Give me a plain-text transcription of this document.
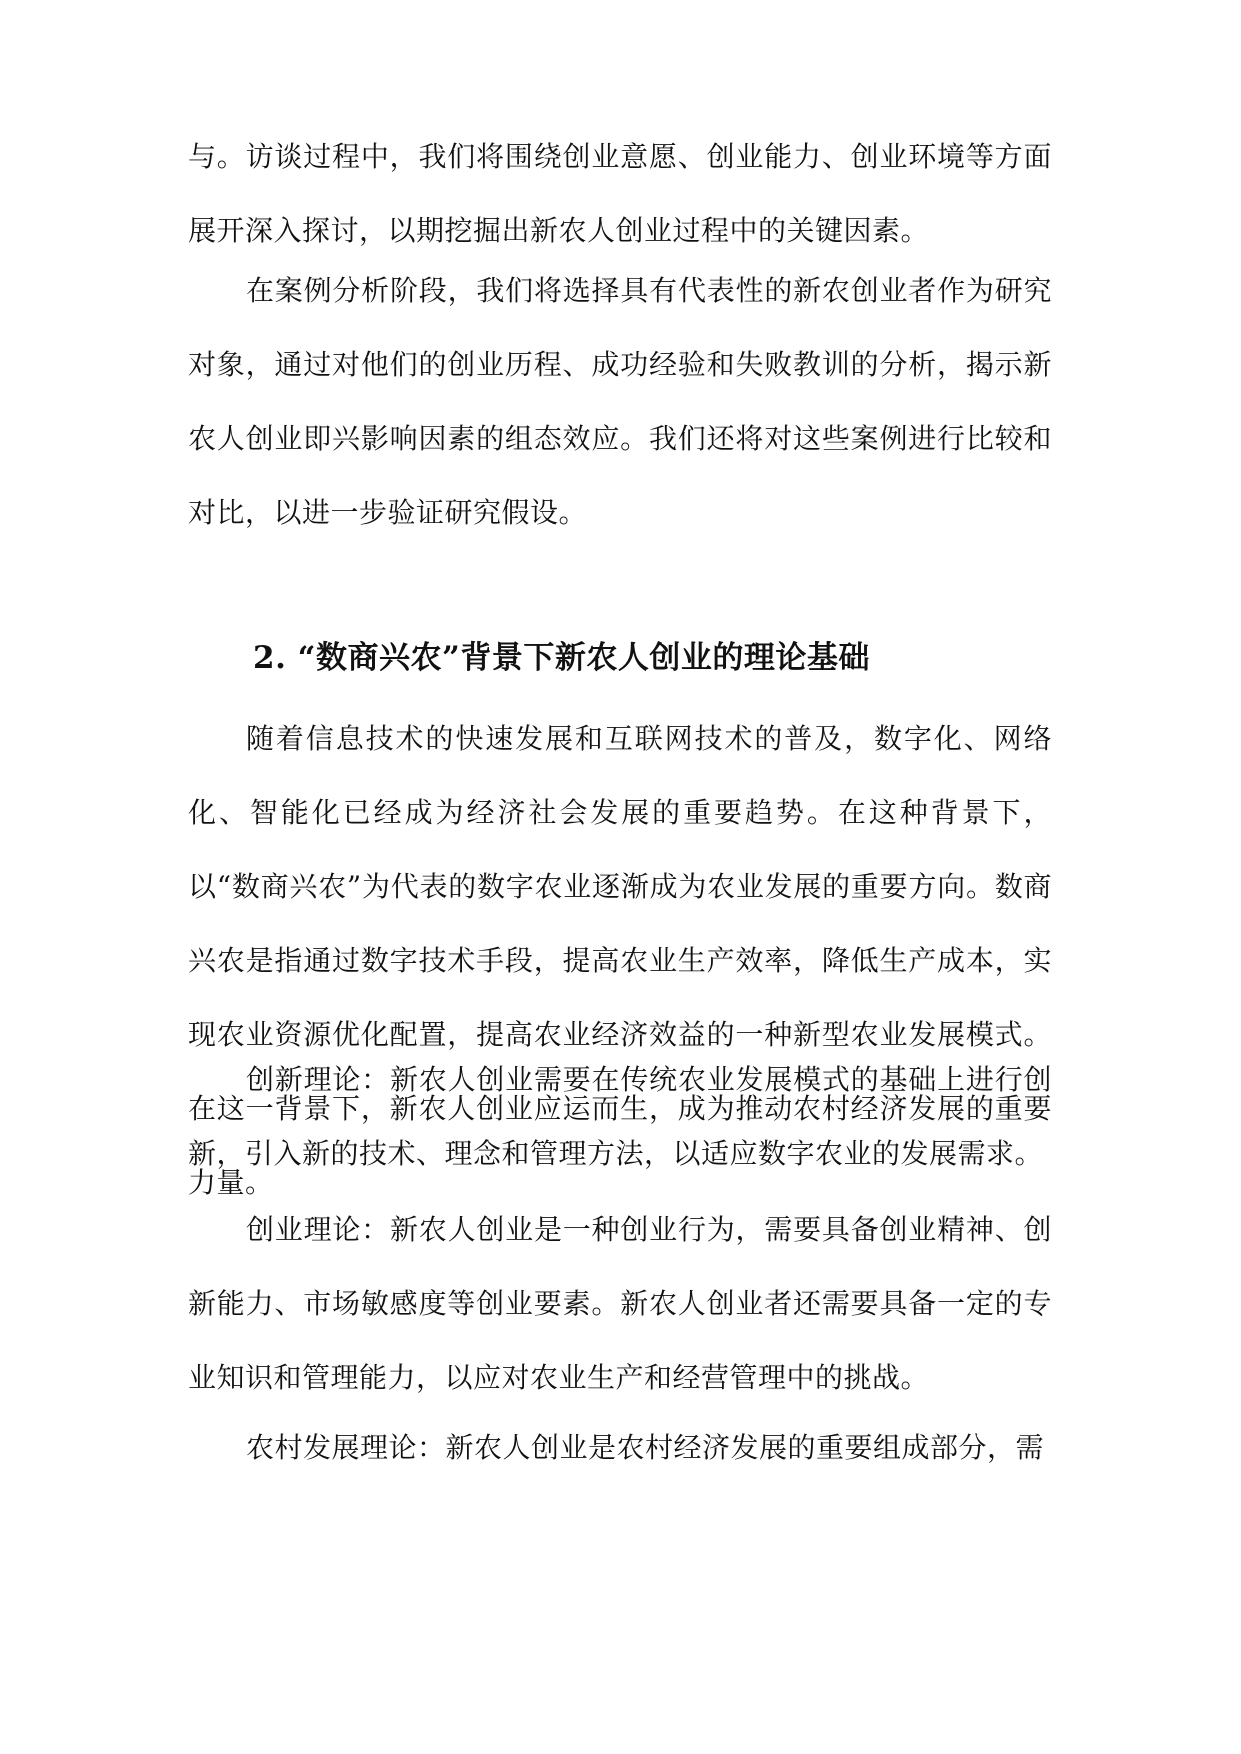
与。访谈过程中，我们将围绕创业意愿、创业能力、创业环境等方面展开深入探讨，以期挖掘出新农人创业过程中的关键因素。

在案例分析阶段，我们将选择具有代表性的新农创业者作为研究对象，通过对他们的创业历程、成功经验和失败教训的分析，揭示新农人创业即兴影响因素的组态效应。我们还将对这些案例进行比较和对比，以进一步验证研究假设。

2. “数商兴农”背景下新农人创业的理论基础

随着信息技术的快速发展和互联网技术的普及，数字化、网络化、智能化已经成为经济社会发展的重要趋势。在这种背景下，以“数商兴农”为代表的数字农业逐渐成为农业发展的重要方向。数商兴农是指通过数字技术手段，提高农业生产效率，降低生产成本，实现农业资源优化配置，提高农业经济效益的一种新型农业发展模式。在这一背景下，新农人创业应运而生，成为推动农村经济发展的重要力量。

创新理论：新农人创业需要在传统农业发展模式的基础上进行创新，引入新的技术、理念和管理方法，以适应数字农业的发展需求。

创业理论：新农人创业是一种创业行为，需要具备创业精神、创新能力、市场敏感度等创业要素。新农人创业者还需要具备一定的专业知识和管理能力，以应对农业生产和经营管理中的挑战。

农村发展理论：新农人创业是农村经济发展的重要组成部分，需
